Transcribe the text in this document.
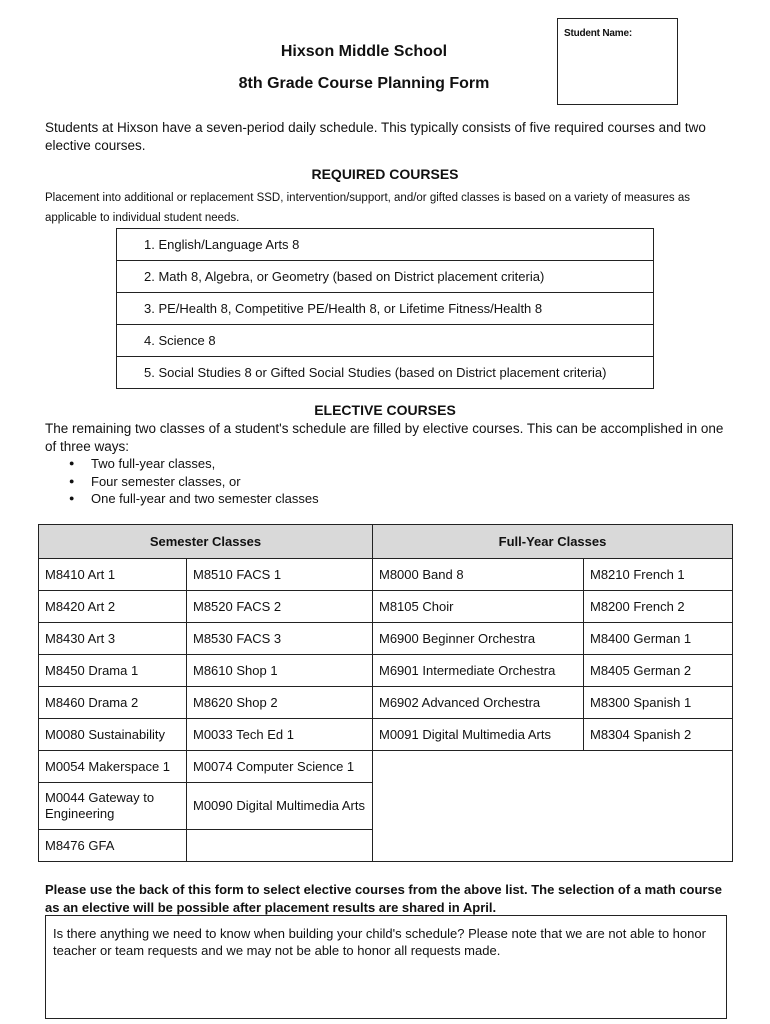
Hixson Middle School
8th Grade Course Planning Form
Student Name:
Students at Hixson have a seven-period daily schedule. This typically consists of five required courses and two elective courses.
REQUIRED COURSES
Placement into additional or replacement SSD, intervention/support, and/or gifted classes is based on a variety of measures as applicable to individual student needs.
1. English/Language Arts 8
2. Math 8, Algebra, or Geometry (based on District placement criteria)
3. PE/Health 8, Competitive PE/Health 8, or Lifetime Fitness/Health 8
4. Science 8
5. Social Studies 8 or Gifted Social Studies (based on District placement criteria)
ELECTIVE COURSES
The remaining two classes of a student's schedule are filled by elective courses. This can be accomplished in one of three ways:
● Two full-year classes,
● Four semester classes, or
● One full-year and two semester classes
Semester Classes		Full-Year Classes	
M8410 Art 1	M8510 FACS 1	M8000 Band 8	M8210 French 1
M8420 Art 2	M8520 FACS 2	M8105 Choir	M8200 French 2
M8430 Art 3	M8530 FACS 3	M6900 Beginner Orchestra	M8400 German 1
M8450 Drama 1	M8610 Shop 1	M6901 Intermediate Orchestra	M8405 German 2
M8460 Drama 2	M8620 Shop 2	M6902 Advanced Orchestra	M8300 Spanish 1
M0080 Sustainability	M0033 Tech Ed 1	M0091 Digital Multimedia Arts	M8304 Spanish 2
M0054 Makerspace 1	M0074 Computer Science 1		
M0044 Gateway to Engineering	M0090 Digital Multimedia Arts		
M8476 GFA			
Please use the back of this form to select elective courses from the above list. The selection of a math course as an elective will be possible after placement results are shared in April.
Is there anything we need to know when building your child's schedule? Please note that we are not able to honor teacher or team requests and we may not be able to honor all requests made.
